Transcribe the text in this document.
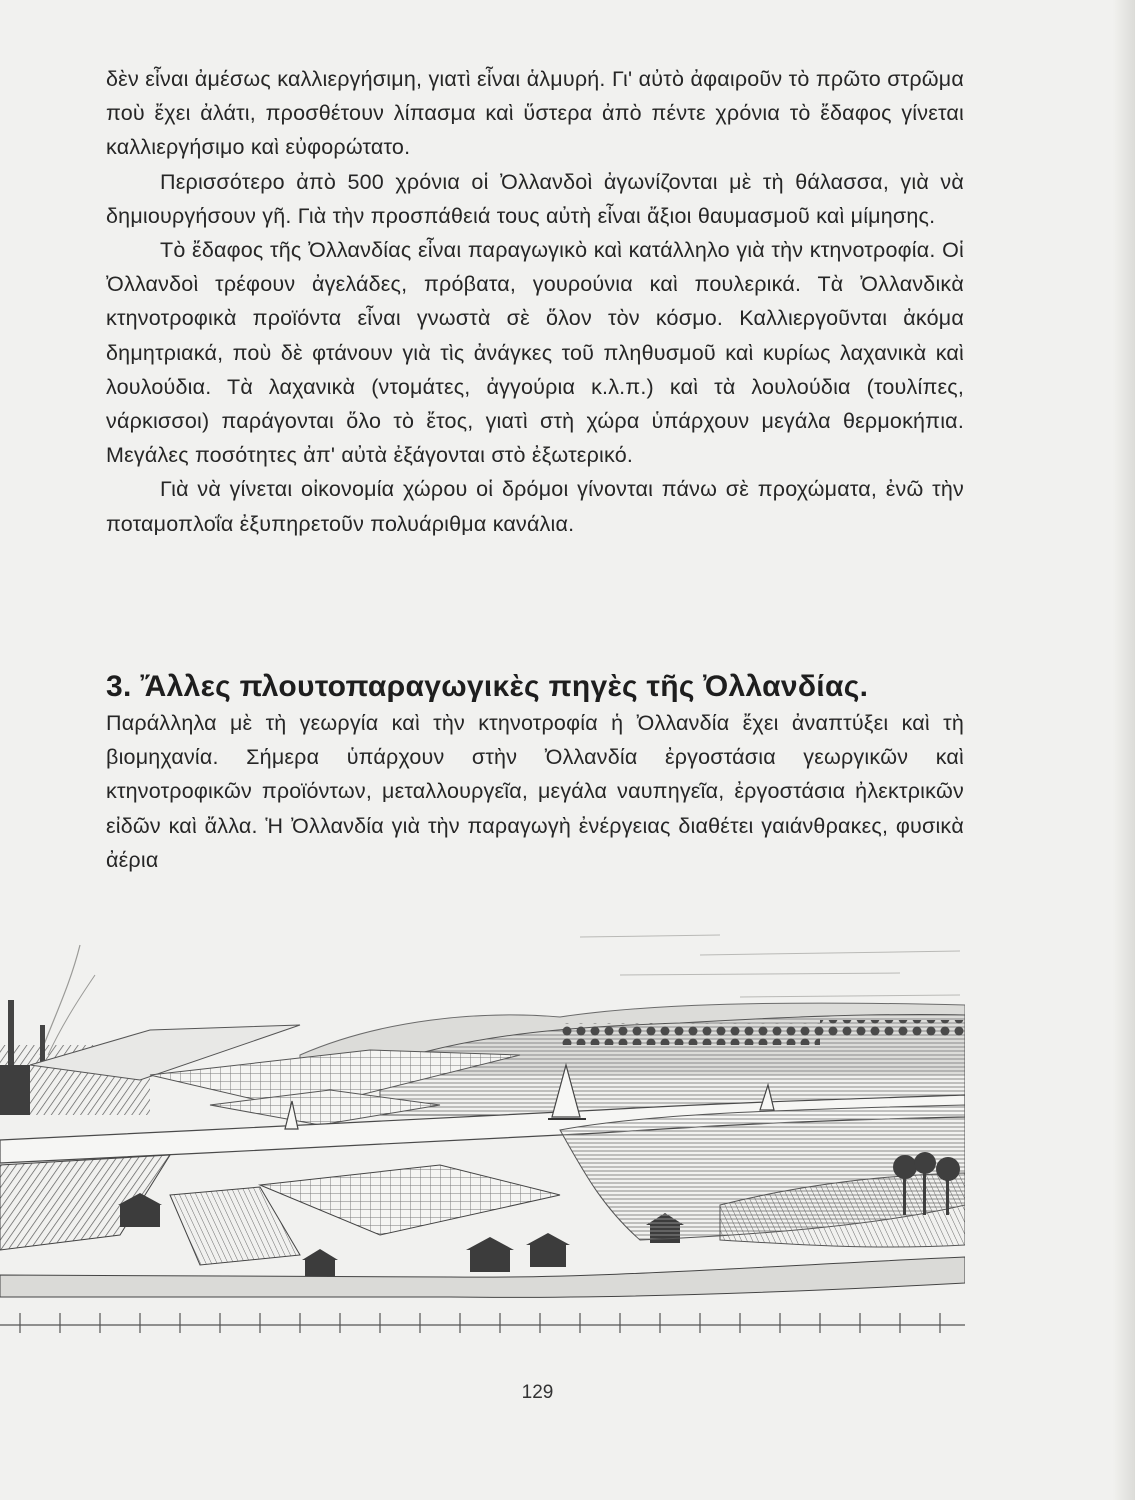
δὲν εἶναι ἀμέσως καλλιεργήσιμη, γιατὶ εἶναι ἁλμυρή. Γι' αὐτὸ ἀφαιροῦν τὸ πρῶτο στρῶμα ποὺ ἔχει ἀλάτι, προσθέτουν λίπασμα καὶ ὕστερα ἀπὸ πέντε χρόνια τὸ ἔδαφος γίνεται καλλιεργήσιμο καὶ εὐφορώτατο.

Περισσότερο ἀπὸ 500 χρόνια οἱ Ὀλλανδοὶ ἀγωνίζονται μὲ τὴ θάλασσα, γιὰ νὰ δημιουργήσουν γῆ. Γιὰ τὴν προσπάθειά τους αὐτὴ εἶναι ἄξιοι θαυμασμοῦ καὶ μίμησης.

Τὸ ἔδαφος τῆς Ὀλλανδίας εἶναι παραγωγικὸ καὶ κατάλληλο γιὰ τὴν κτηνοτροφία. Οἱ Ὀλλανδοὶ τρέφουν ἀγελάδες, πρόβατα, γουρούνια καὶ πουλερικά. Τὰ Ὀλλανδικὰ κτηνοτροφικὰ προϊόντα εἶναι γνωστὰ σὲ ὅλον τὸν κόσμο. Καλλιεργοῦνται ἀκόμα δημητριακά, ποὺ δὲ φτάνουν γιὰ τὶς ἀνάγκες τοῦ πληθυσμοῦ καὶ κυρίως λαχανικὰ καὶ λουλούδια. Τὰ λαχανικὰ (ντομάτες, ἀγγούρια κ.λ.π.) καὶ τὰ λουλούδια (τουλίπες, νάρκισσοι) παράγονται ὅλο τὸ ἔτος, γιατὶ στὴ χώρα ὑπάρχουν μεγάλα θερμοκήπια. Μεγάλες ποσότητες ἀπ' αὐτὰ ἐξάγονται στὸ ἐξωτερικό.

Γιὰ νὰ γίνεται οἰκονομία χώρου οἱ δρόμοι γίνονται πάνω σὲ προχώματα, ἐνῶ τὴν ποταμοπλοΐα ἐξυπηρετοῦν πολυάριθμα κανάλια.

3. Ἄλλες πλουτοπαραγωγικὲς πηγὲς τῆς Ὀλλανδίας.

Παράλληλα μὲ τὴ γεωργία καὶ τὴν κτηνοτροφία ἡ Ὀλλανδία ἔχει ἀναπτύξει καὶ τὴ βιομηχανία. Σήμερα ὑπάρχουν στὴν Ὀλλανδία ἐργοστάσια γεωργικῶν καὶ κτηνοτροφικῶν προϊόντων, μεταλλουργεῖα, μεγάλα ναυπηγεῖα, ἐργοστάσια ἠλεκτρικῶν εἰδῶν καὶ ἄλλα. Ἡ Ὀλλανδία γιὰ τὴν παραγωγὴ ἐνέργειας διαθέτει γαιάνθρακες, φυσικὰ ἀέρια

129
